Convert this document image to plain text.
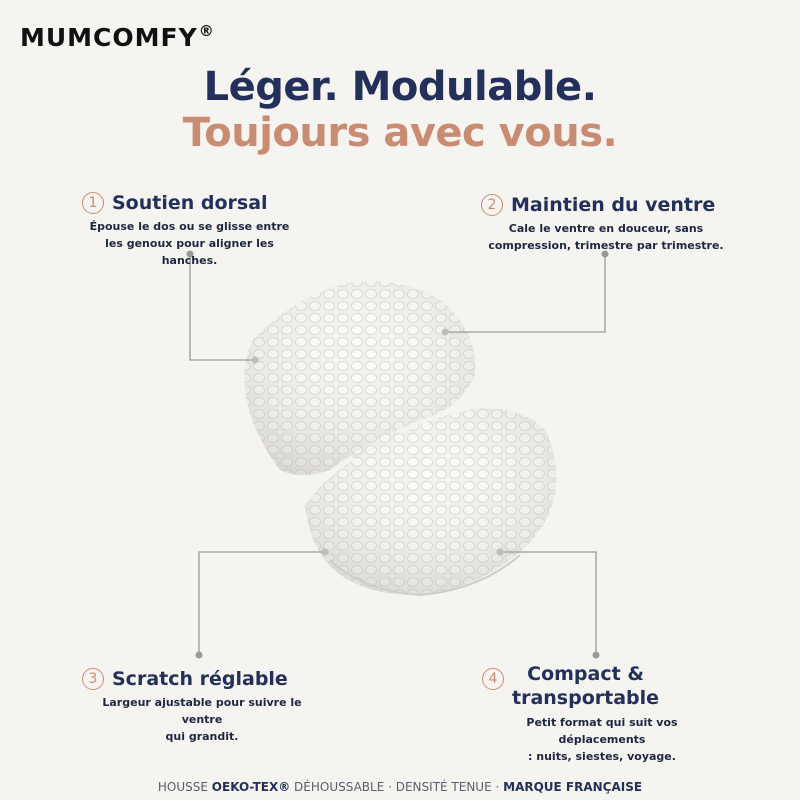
MUMCOMFY®
Léger. Modulable.
Toujours avec vous.
1 Soutien dorsal
Épouse le dos ou se glisse entre
les genoux pour aligner les hanches.
2 Maintien du ventre
Cale le ventre en douceur, sans
compression, trimestre par trimestre.
3 Scratch réglable
Largeur ajustable pour suivre le ventre
qui grandit.
4	Compact &
transportable
Petit format qui suit vos déplacements
: nuits, siestes, voyage.
HOUSSE OEKO-TEX® DÉHOUSSABLE · DENSITÉ TENUE · MARQUE FRANÇAISE
